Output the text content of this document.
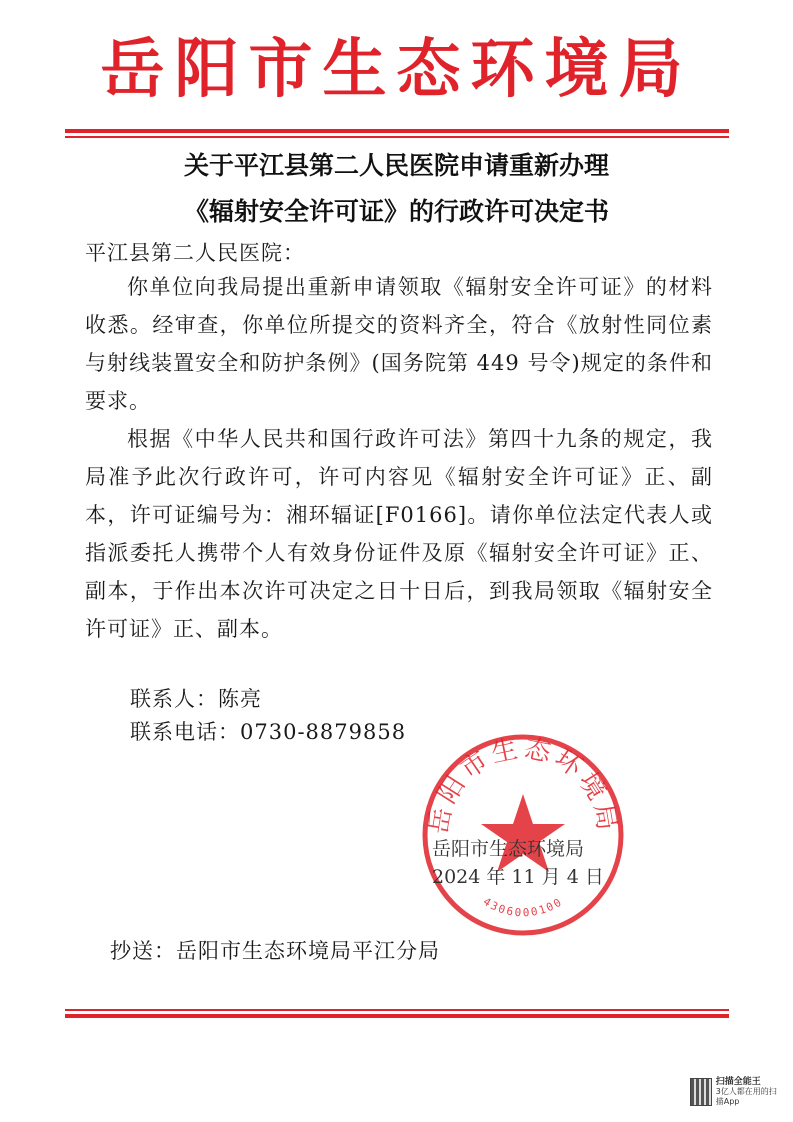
岳阳市生态环境局
关于平江县第二人民医院申请重新办理
《辐射安全许可证》的行政许可决定书
平江县第二人民医院：

你单位向我局提出重新申请领取《辐射安全许可证》的材料收悉。经审查，你单位所提交的资料齐全，符合《放射性同位素与射线装置安全和防护条例》(国务院第 449 号令)规定的条件和要求。

根据《中华人民共和国行政许可法》第四十九条的规定，我局准予此次行政许可，许可内容见《辐射安全许可证》正、副本，许可证编号为：湘环辐证[F0166]。请你单位法定代表人或指派委托人携带个人有效身份证件及原《辐射安全许可证》正、副本，于作出本次许可决定之日十日后，到我局领取《辐射安全许可证》正、副本。

联系人：陈亮
联系电话：0730-8879858
岳阳市生态环境局
4306000100
岳阳市生态环境局
2024 年 11 月 4 日
抄送：岳阳市生态环境局平江分局
扫描全能王
3亿人都在用的扫描App
